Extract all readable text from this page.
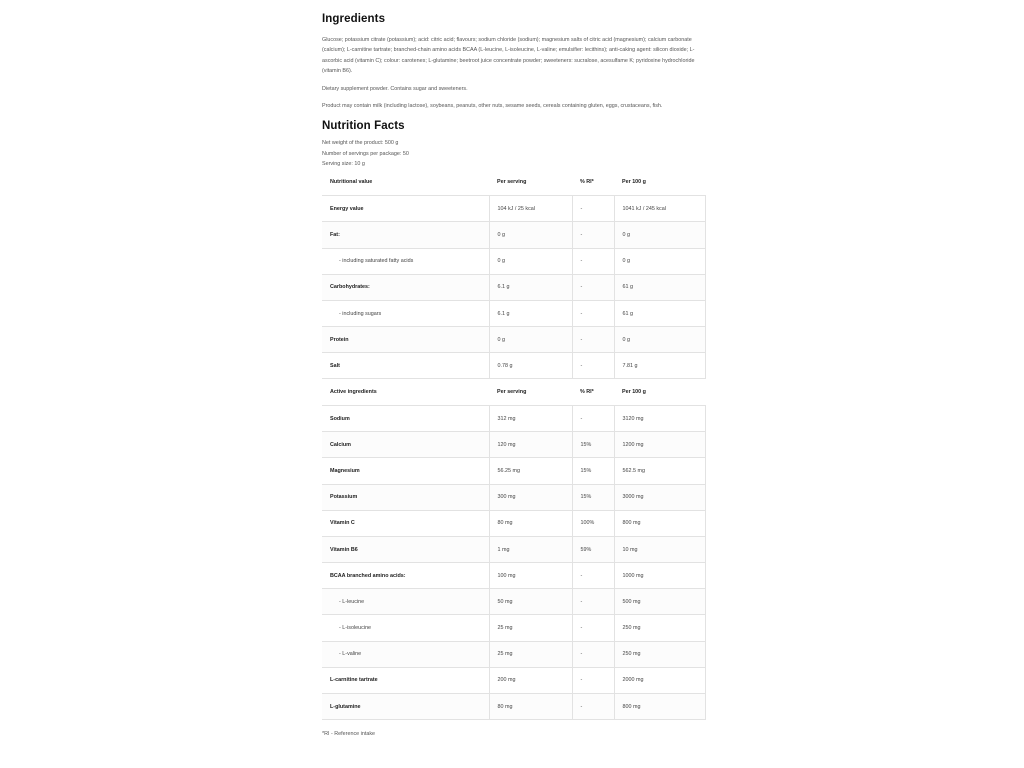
Ingredients

Glucose; potassium citrate (potassium); acid: citric acid; flavours; sodium chloride (sodium); magnesium salts of citric acid (magnesium); calcium carbonate (calcium); L-carnitine tartrate; branched-chain amino acids BCAA (L-leucine, L-isoleucine, L-valine; emulsifier: lecithins); anti-caking agent: silicon dioxide; L-ascorbic acid (vitamin C); colour: carotenes; L-glutamine; beetroot juice concentrate powder; sweeteners: sucralose, acesulfame K; pyridoxine hydrochloride (vitamin B6).

Dietary supplement powder. Contains sugar and sweeteners.

Product may contain milk (including lactose), soybeans, peanuts, other nuts, sesame seeds, cereals containing gluten, eggs, crustaceans, fish.

Nutrition Facts

Net weight of the product: 500 g

Number of servings per package: 50

Serving size: 10 g

Nutritional value	Per serving	% RI*	Per 100 g
Energy value	104 kJ / 25 kcal	-	1041 kJ / 245 kcal
Fat:	0 g	-	0 g
- including saturated fatty acids	0 g	-	0 g
Carbohydrates:	6.1 g	-	61 g
- including sugars	6.1 g	-	61 g
Protein	0 g	-	0 g
Salt	0.78 g	-	7.81 g
Active ingredients	Per serving	% RI*	Per 100 g
Sodium	312 mg	-	3120 mg
Calcium	120 mg	15%	1200 mg
Magnesium	56.25 mg	15%	562.5 mg
Potassium	300 mg	15%	3000 mg
Vitamin C	80 mg	100%	800 mg
Vitamin B6	1 mg	59%	10 mg
BCAA branched amino acids:	100 mg	-	1000 mg
- L-leucine	50 mg	-	500 mg
- L-isoleucine	25 mg	-	250 mg
- L-valine	25 mg	-	250 mg
L-carnitine tartrate	200 mg	-	2000 mg
L-glutamine	80 mg	-	800 mg
*RI - Reference intake
